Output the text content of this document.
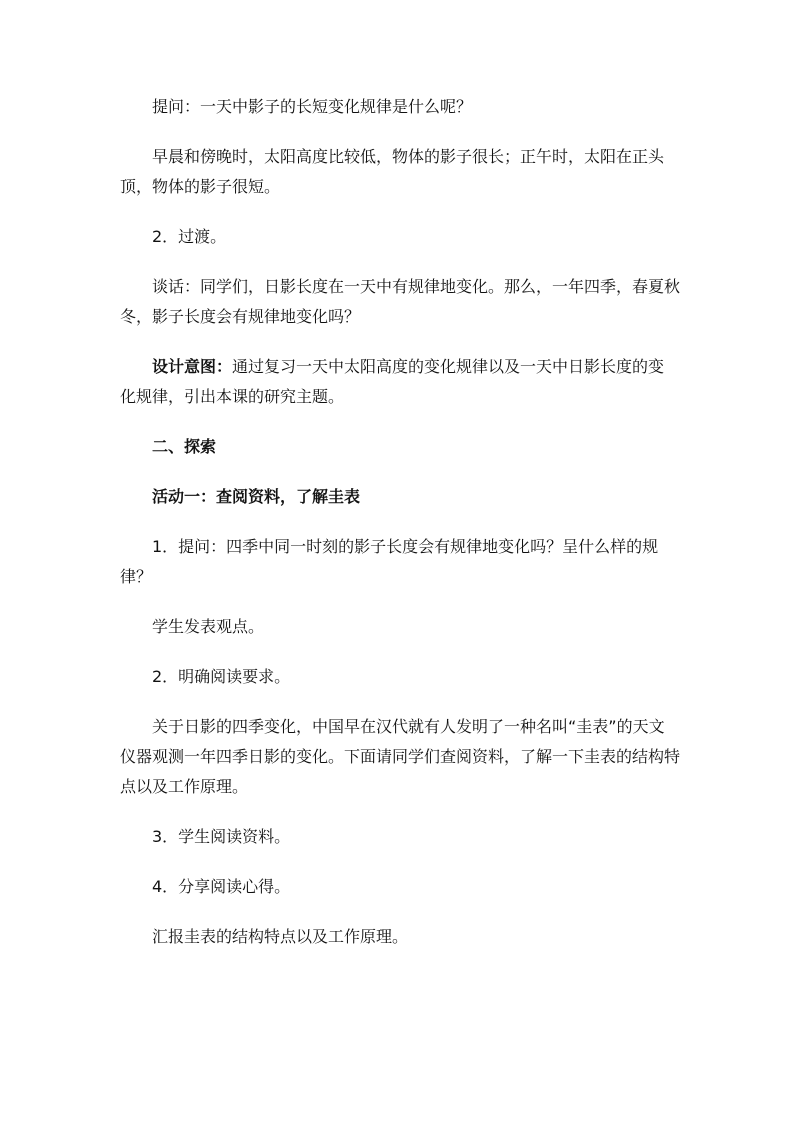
提问：一天中影子的长短变化规律是什么呢？

早晨和傍晚时，太阳高度比较低，物体的影子很长；正午时，太阳在正头顶，物体的影子很短。

2．过渡。

谈话：同学们，日影长度在一天中有规律地变化。那么，一年四季，春夏秋冬，影子长度会有规律地变化吗？

设计意图：通过复习一天中太阳高度的变化规律以及一天中日影长度的变化规律，引出本课的研究主题。

二、探索

活动一：查阅资料，了解圭表

1．提问：四季中同一时刻的影子长度会有规律地变化吗？呈什么样的规律？

学生发表观点。

2．明确阅读要求。

关于日影的四季变化，中国早在汉代就有人发明了一种名叫“圭表”的天文仪器观测一年四季日影的变化。下面请同学们查阅资料，了解一下圭表的结构特点以及工作原理。

3．学生阅读资料。

4．分享阅读心得。

汇报圭表的结构特点以及工作原理。
